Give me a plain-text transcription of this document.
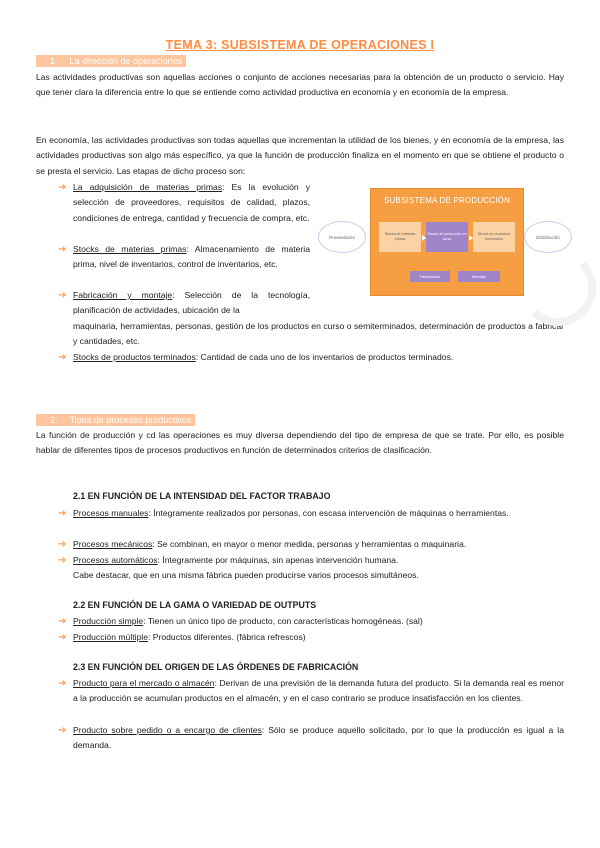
TEMA 3: SUBSISTEMA DE OPERACIONES I
1. La dirección de operaciones

Las actividades productivas son aquellas acciones o conjunto de acciones necesarias para la obtención de un producto o servicio. Hay que tener clara la diferencia entre lo que se entiende como actividad productiva en economía y en economía de la empresa.

En economía, las actividades productivas son todas aquellas que incrementan la utilidad de los bienes, y en economía de la empresa, las actividades productivas son algo más específico, ya que la función de producción finaliza en el momento en que se obtiene el producto o se presta el servicio. Las etapas de dicho proceso son:

➔ La adquisición de materias primas: Es la evolución y selección de proveedores, requisitos de calidad, plazos, condiciones de entrega, cantidad y frecuencia de compra, etc.
➔ Stocks de materias primas: Almacenamiento de materia prima, nivel de inventarios, control de inventarios, etc.
➔ Fabricación y montaje: Selección de la tecnología, planificación de actividades, ubicación de la

maquinaria, herramientas, personas, gestión de los productos en curso o semiterminados, determinación de productos a fabricar y cantidades, etc.

➔ Stocks de productos terminados: Cantidad de cada uno de los inventarios de productos terminados.
Proveedores
SUBSISTEMA DE PRODUCCIÓN
Stocks de materias primas
Stocks de producción en curso
Stocks de productos terminados
Fabricación	Montaje
Distribución
2. Tipos de procesos productivos

La función de producción y cd las operaciones es muy diversa dependiendo del tipo de empresa de que se trate. Por ello, es posible hablar de diferentes tipos de procesos productivos en función de determinados criterios de clasificación.

2.1 EN FUNCIÓN DE LA INTENSIDAD DEL FACTOR TRABAJO

➔ Procesos manuales: Íntegramente realizados por personas, con escasa intervención de máquinas o herramientas.
➔ Procesos mecánicos: Se combinan, en mayor o menor medida, personas y herramientas o maquinaria.
➔ Procesos automáticos: Íntegramente por máquinas, sin apenas intervención humana.

Cabe destacar, que en una misma fábrica pueden producirse varios procesos simultáneos.

2.2 EN FUNCIÓN DE LA GAMA O VARIEDAD DE OUTPUTS

➔ Producción simple: Tienen un único tipo de producto, con características homogéneas. (sal)
➔ Producción múltiple: Productos diferentes. (fábrica refrescos)

2.3 EN FUNCIÓN DEL ORIGEN DE LAS ÓRDENES DE FABRICACIÓN

➔ Producto para el mercado o almacén: Derivan de una previsión de la demanda futura del producto. Si la demanda real es menor a la producción se acumulan productos en el almacén, y en el caso contrario se produce insatisfacción en los clientes.
➔ Producto sobre pedido o a encargo de clientes: Sólo se produce aquello solicitado, por lo que la producción es igual a la demanda.
